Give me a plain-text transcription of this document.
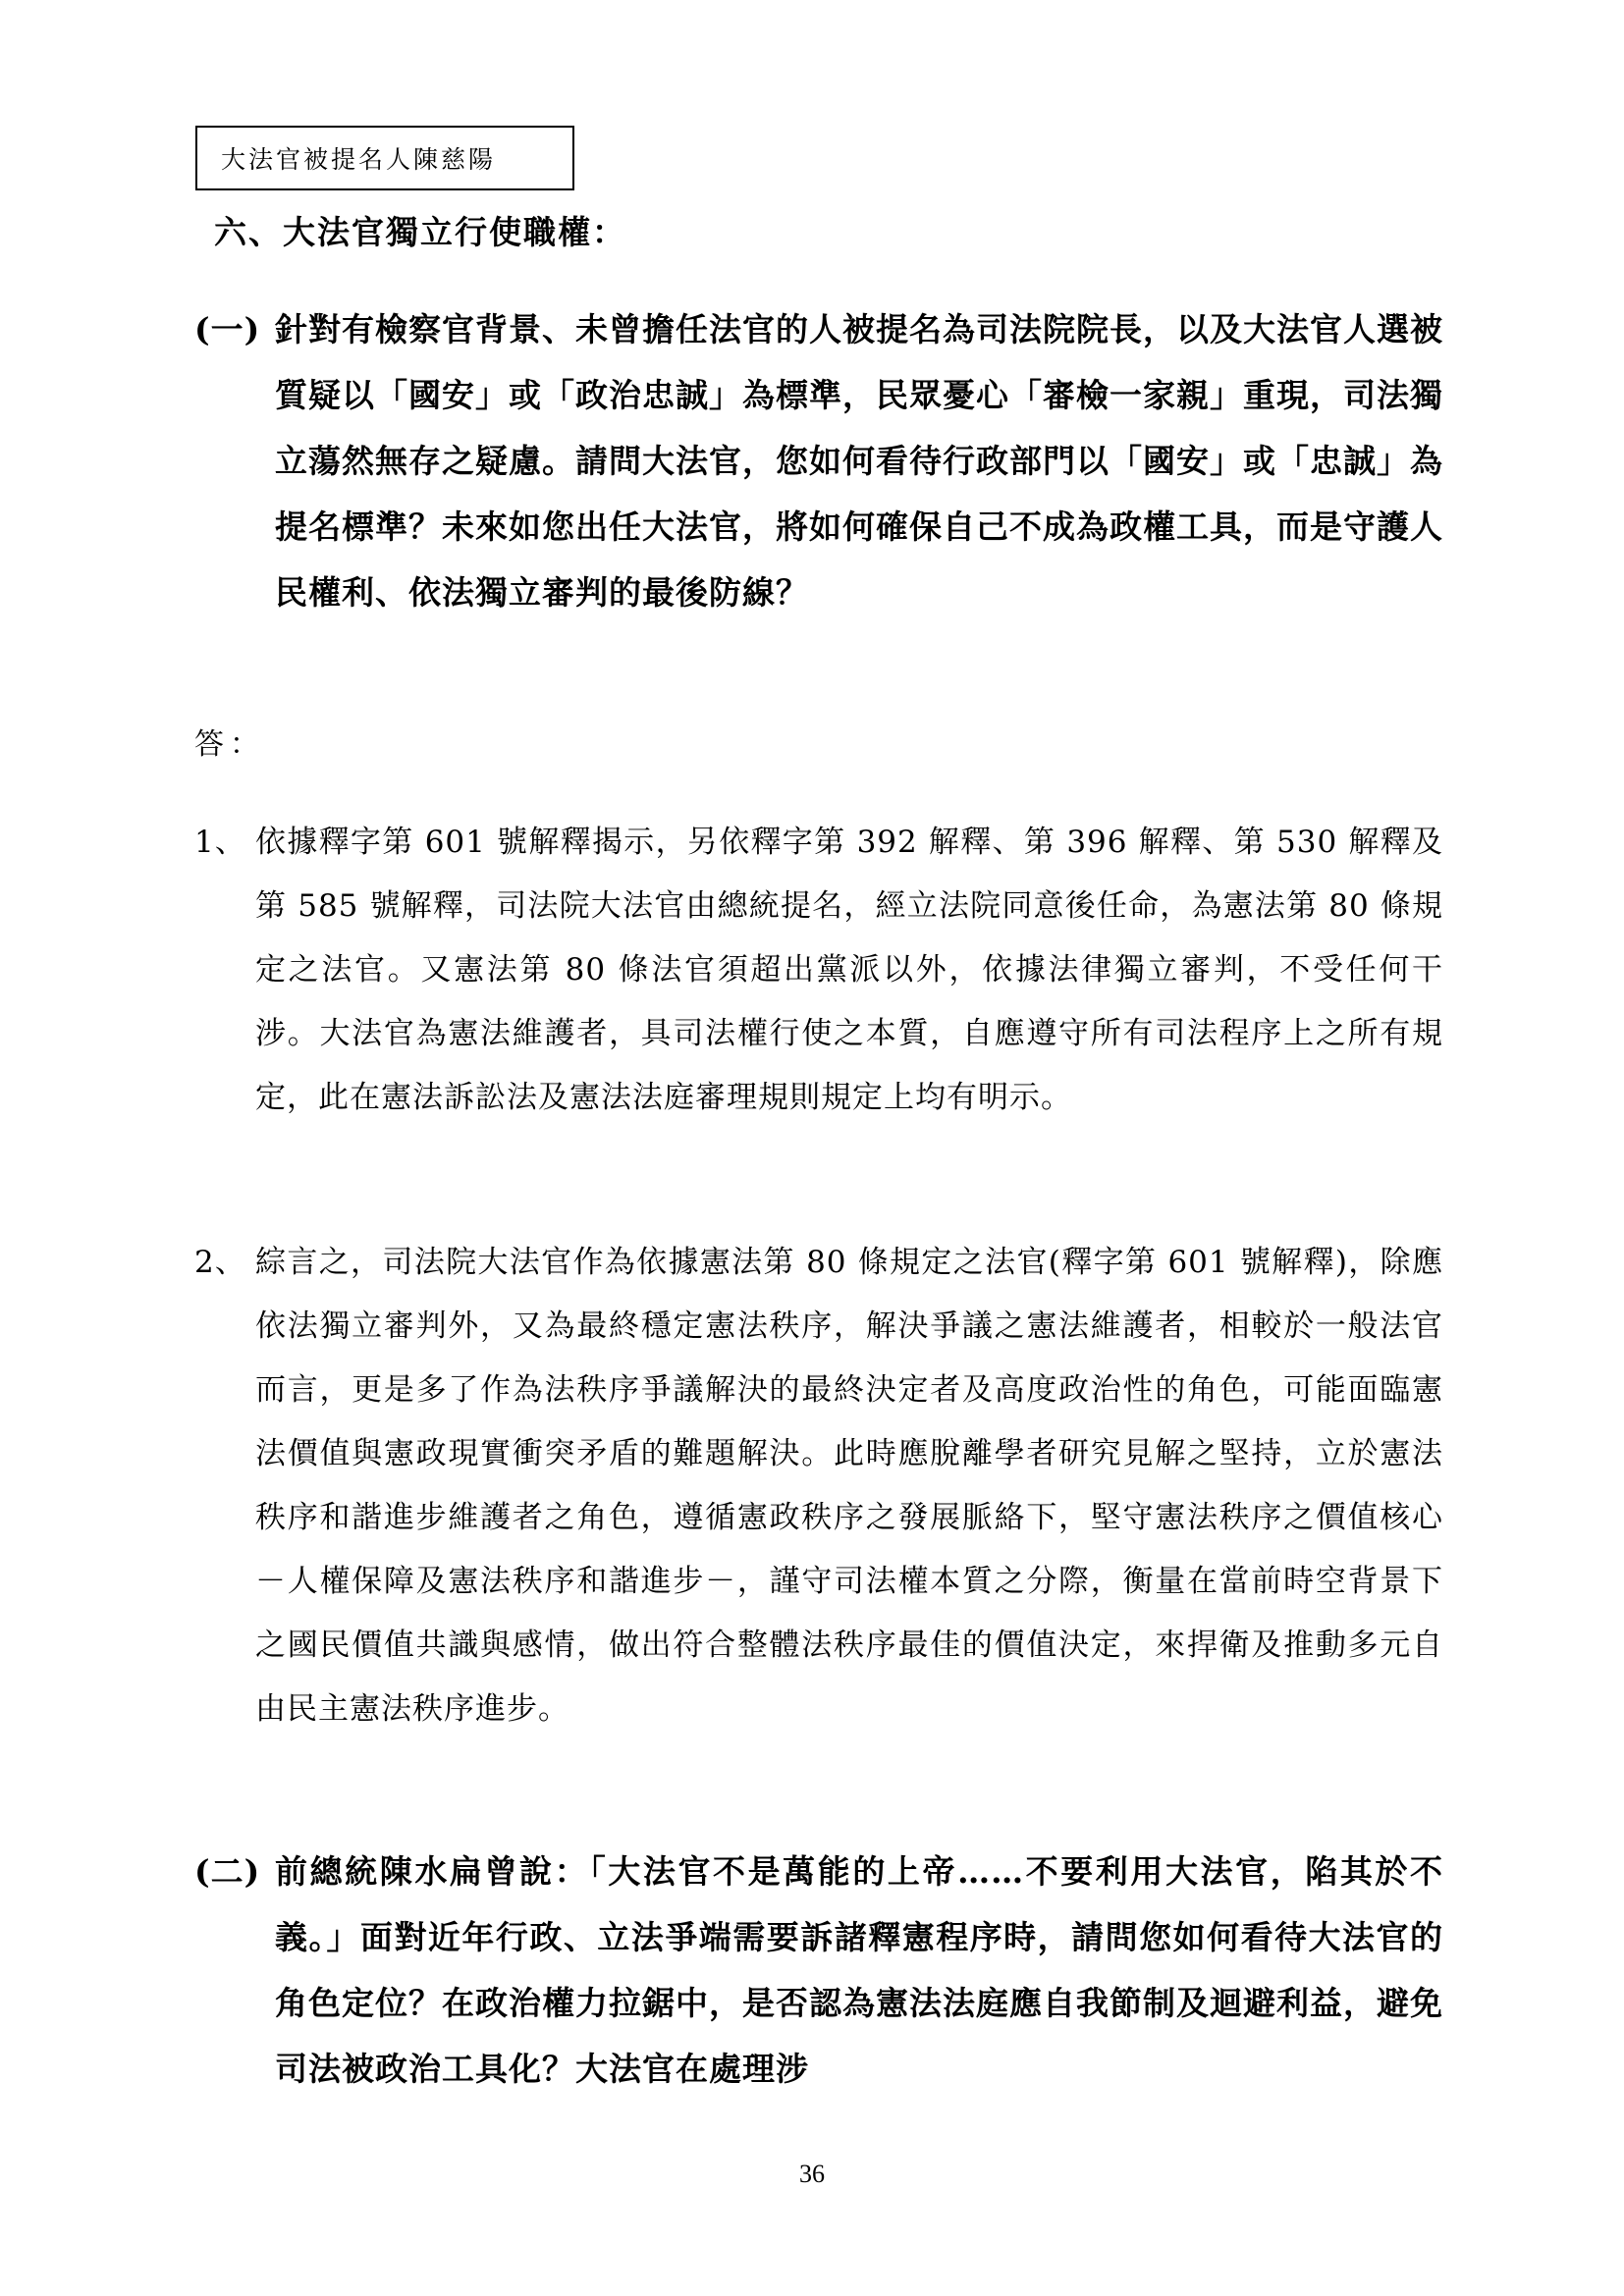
大法官被提名人陳慈陽
六、大法官獨立行使職權：
(一) 針對有檢察官背景、未曾擔任法官的人被提名為司法院院長，以及大法官人選被質疑以「國安」或「政治忠誠」為標準，民眾憂心「審檢一家親」重現，司法獨立蕩然無存之疑慮。請問大法官，您如何看待行政部門以「國安」或「忠誠」為提名標準？未來如您出任大法官，將如何確保自己不成為政權工具，而是守護人民權利、依法獨立審判的最後防線？
答：
1、 依據釋字第 601 號解釋揭示，另依釋字第 392 解釋、第 396 解釋、第 530 解釋及第 585 號解釋，司法院大法官由總統提名，經立法院同意後任命，為憲法第 80 條規定之法官。又憲法第 80 條法官須超出黨派以外，依據法律獨立審判，不受任何干涉。大法官為憲法維護者，具司法權行使之本質，自應遵守所有司法程序上之所有規定，此在憲法訴訟法及憲法法庭審理規則規定上均有明示。
2、 綜言之，司法院大法官作為依據憲法第 80 條規定之法官(釋字第 601 號解釋)，除應依法獨立審判外，又為最終穩定憲法秩序，解決爭議之憲法維護者，相較於一般法官而言，更是多了作為法秩序爭議解決的最終決定者及高度政治性的角色，可能面臨憲法價值與憲政現實衝突矛盾的難題解決。此時應脫離學者研究見解之堅持，立於憲法秩序和諧進步維護者之角色，遵循憲政秩序之發展脈絡下，堅守憲法秩序之價值核心－人權保障及憲法秩序和諧進步－，謹守司法權本質之分際，衡量在當前時空背景下之國民價值共識與感情，做出符合整體法秩序最佳的價值決定，來捍衛及推動多元自由民主憲法秩序進步。
(二) 前總統陳水扁曾說：「大法官不是萬能的上帝……不要利用大法官，陷其於不義。」面對近年行政、立法爭端需要訴諸釋憲程序時，請問您如何看待大法官的角色定位？在政治權力拉鋸中，是否認為憲法法庭應自我節制及迴避利益，避免司法被政治工具化？大法官在處理涉
36
